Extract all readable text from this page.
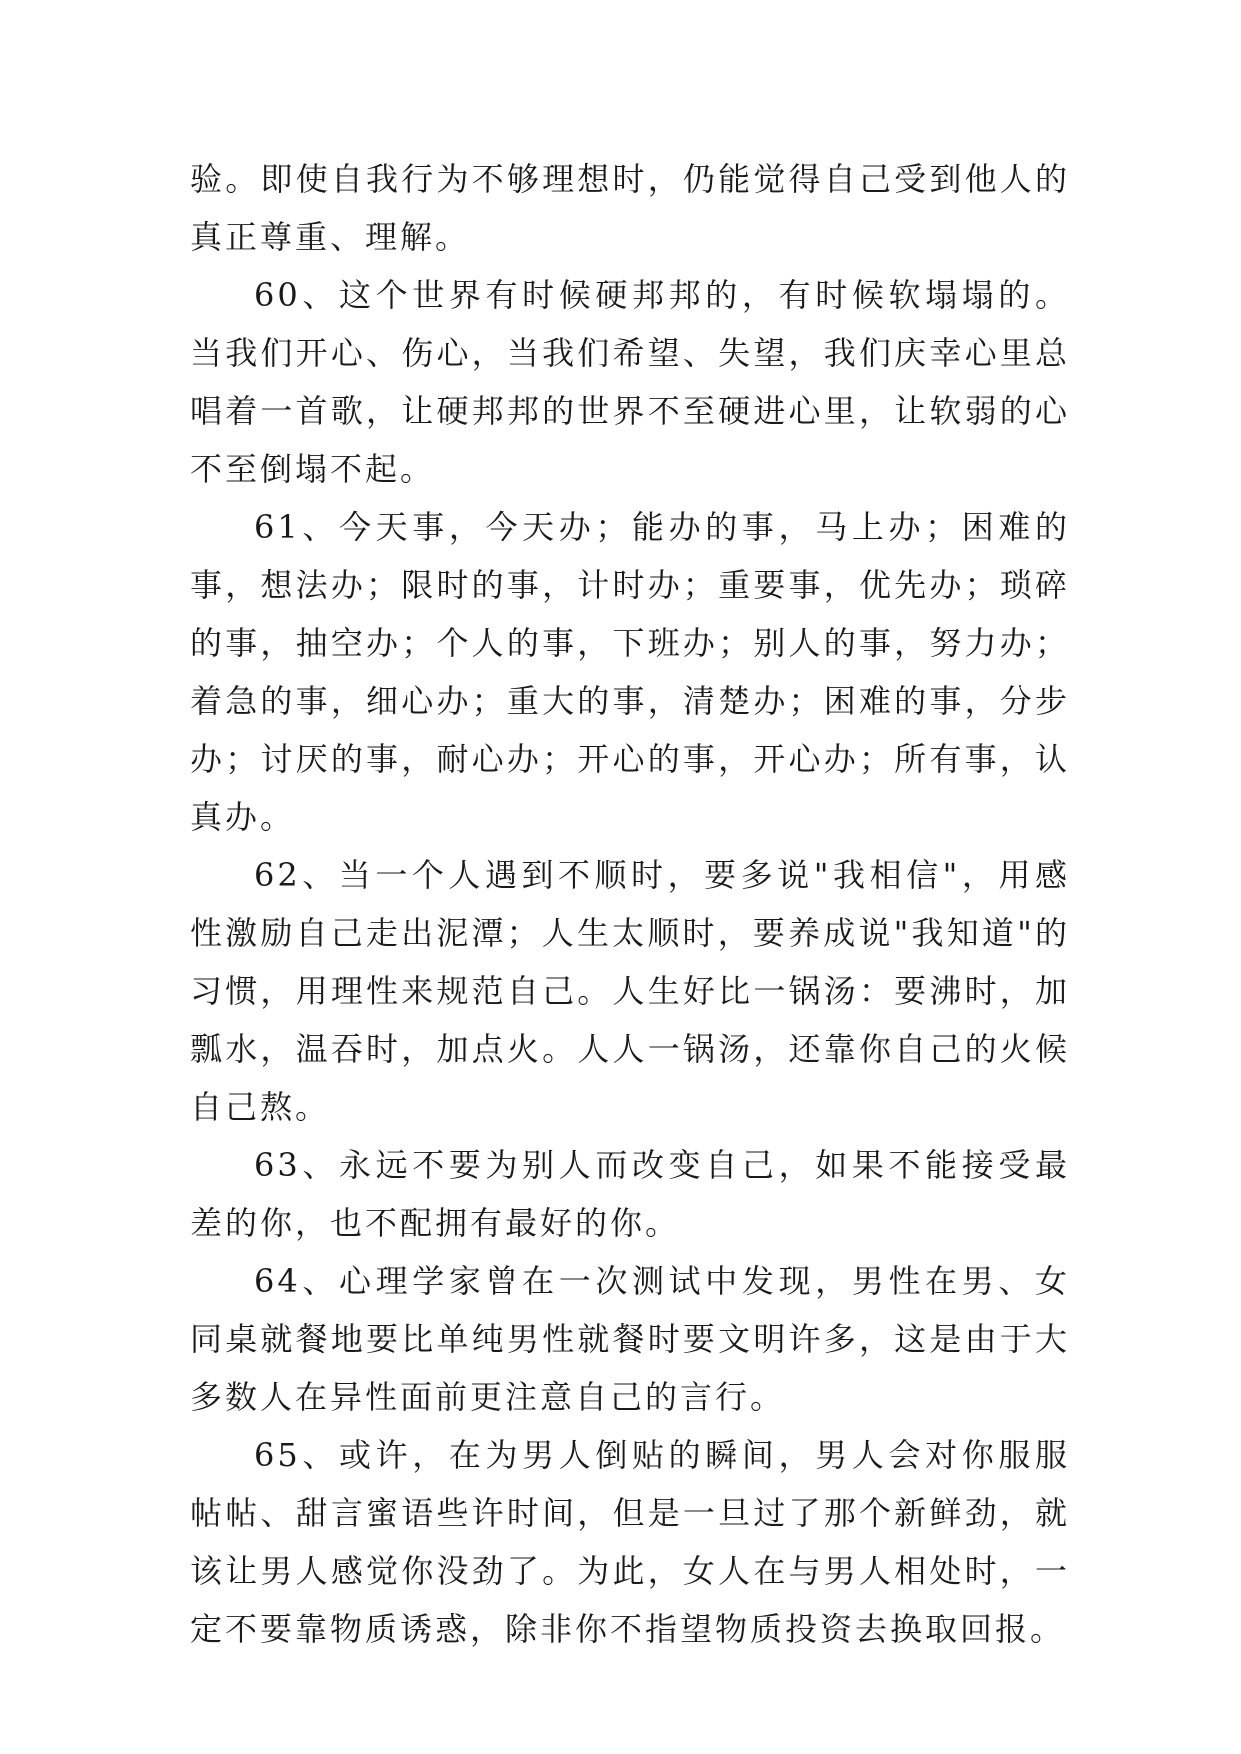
验。即使自我行为不够理想时，仍能觉得自己受到他人的真正尊重、理解。

60、这个世界有时候硬邦邦的，有时候软塌塌的。当我们开心、伤心，当我们希望、失望，我们庆幸心里总唱着一首歌，让硬邦邦的世界不至硬进心里，让软弱的心不至倒塌不起。

61、今天事，今天办；能办的事，马上办；困难的事，想法办；限时的事，计时办；重要事，优先办；琐碎的事，抽空办；个人的事，下班办；别人的事，努力办；着急的事，细心办；重大的事，清楚办；困难的事，分步办；讨厌的事，耐心办；开心的事，开心办；所有事，认真办。

62、当一个人遇到不顺时，要多说"我相信"，用感性激励自己走出泥潭；人生太顺时，要养成说"我知道"的习惯，用理性来规范自己。人生好比一锅汤：要沸时，加瓢水，温吞时，加点火。人人一锅汤，还靠你自己的火候自己熬。

63、永远不要为别人而改变自己，如果不能接受最差的你，也不配拥有最好的你。

64、心理学家曾在一次测试中发现，男性在男、女同桌就餐地要比单纯男性就餐时要文明许多，这是由于大多数人在异性面前更注意自己的言行。

65、或许，在为男人倒贴的瞬间，男人会对你服服帖帖、甜言蜜语些许时间，但是一旦过了那个新鲜劲，就该让男人感觉你没劲了。为此，女人在与男人相处时，一定不要靠物质诱惑，除非你不指望物质投资去换取回报。
